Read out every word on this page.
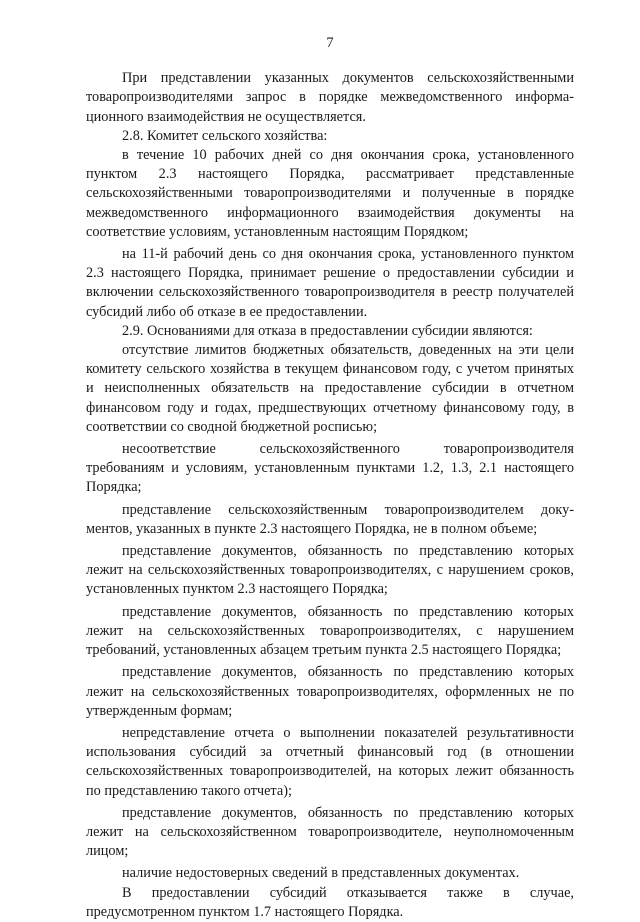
7

При представлении указанных документов сельскохозяйственными товаропроизводителями запрос в порядке межведомственного информационного взаимодействия не осуществляется.

2.8. Комитет сельского хозяйства:

в течение 10 рабочих дней со дня окончания срока, установленного пунктом 2.3 настоящего Порядка, рассматривает представленные сельскохозяйственными товаропроизводителями и полученные в порядке межведомственного информационного взаимодействия документы на соответствие условиям, установленным настоящим Порядком;

на 11-й рабочий день со дня окончания срока, установленного пунктом 2.3 настоящего Порядка, принимает решение о предоставлении субсидии и включении сельскохозяйственного товаропроизводителя в реестр получателей субсидий либо об отказе в ее предоставлении.

2.9. Основаниями для отказа в предоставлении субсидии являются:

отсутствие лимитов бюджетных обязательств, доведенных на эти цели комитету сельского хозяйства в текущем финансовом году, с учетом принятых и неисполненных обязательств на предоставление субсидии в отчетном финансовом году и годах, предшествующих отчетному финансовому году, в соответствии со сводной бюджетной росписью;

несоответствие сельскохозяйственного товаропроизводителя требованиям и условиям, установленным пунктами 1.2, 1.3, 2.1 настоящего Порядка;

представление сельскохозяйственным товаропроизводителем документов, указанных в пункте 2.3 настоящего Порядка, не в полном объеме;

представление документов, обязанность по представлению которых лежит на сельскохозяйственных товаропроизводителях, с нарушением сроков, установленных пунктом 2.3 настоящего Порядка;

представление документов, обязанность по представлению которых лежит на сельскохозяйственных товаропроизводителях, с нарушением требований, установленных абзацем третьим пункта 2.5 настоящего Порядка;

представление документов, обязанность по представлению которых лежит на сельскохозяйственных товаропроизводителях, оформленных не по утвержденным формам;

непредставление отчета о выполнении показателей результативности использования субсидий за отчетный финансовый год (в отношении сельскохозяйственных товаропроизводителей, на которых лежит обязанность по представлению такого отчета);

представление документов, обязанность по представлению которых лежит на сельскохозяйственном товаропроизводителе, неуполномоченным лицом;

наличие недостоверных сведений в представленных документах.

В предоставлении субсидий отказывается также в случае, предусмотренном пунктом 1.7 настоящего Порядка.
